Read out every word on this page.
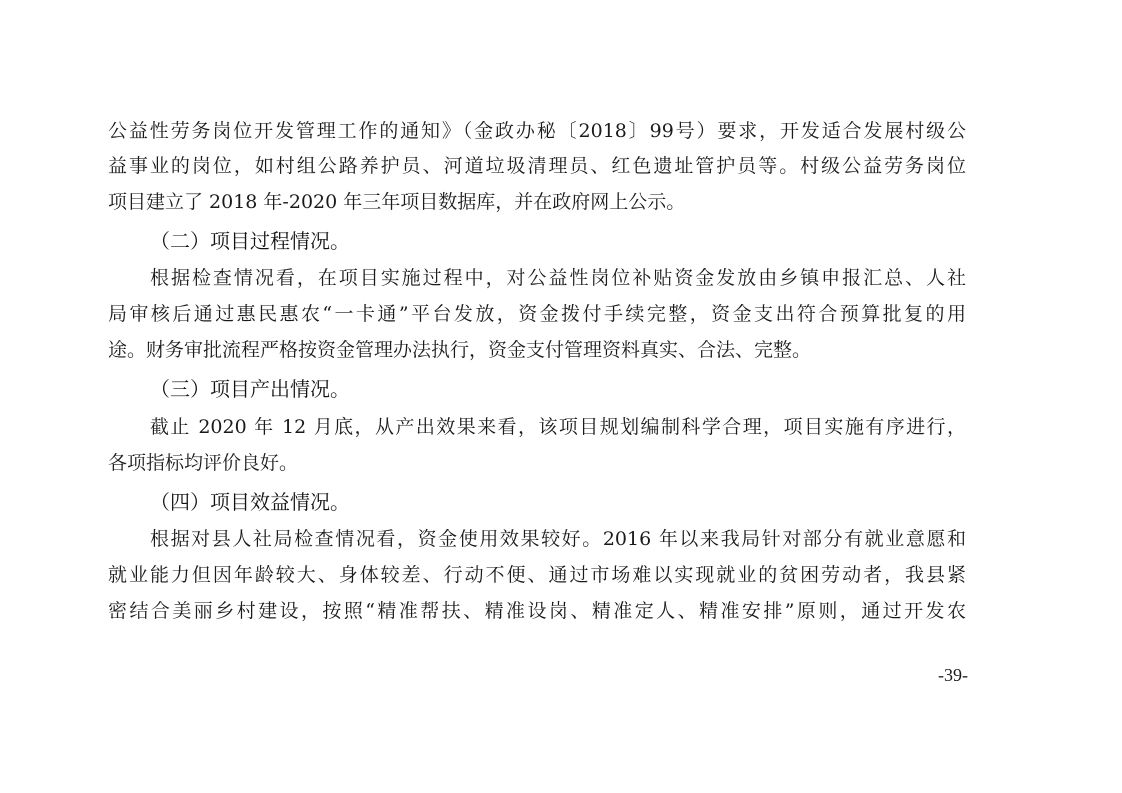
公益性劳务岗位开发管理工作的通知》（金政办秘〔2018〕99号）要求，开发适合发展村级公
益事业的岗位，如村组公路养护员、河道垃圾清理员、红色遗址管护员等。村级公益劳务岗位
项目建立了 2018 年-2020 年三年项目数据库，并在政府网上公示。
（二）项目过程情况。
根据检查情况看，在项目实施过程中，对公益性岗位补贴资金发放由乡镇申报汇总、人社
局审核后通过惠民惠农“一卡通”平台发放，资金拨付手续完整，资金支出符合预算批复的用
途。财务审批流程严格按资金管理办法执行，资金支付管理资料真实、合法、完整。
（三）项目产出情况。
截止 2020 年 12 月底，从产出效果来看，该项目规划编制科学合理，项目实施有序进行，
各项指标均评价良好。
（四）项目效益情况。
根据对县人社局检查情况看，资金使用效果较好。2016 年以来我局针对部分有就业意愿和
就业能力但因年龄较大、身体较差、行动不便、通过市场难以实现就业的贫困劳动者，我县紧
密结合美丽乡村建设，按照“精准帮扶、精准设岗、精准定人、精准安排”原则，通过开发农
-39-
